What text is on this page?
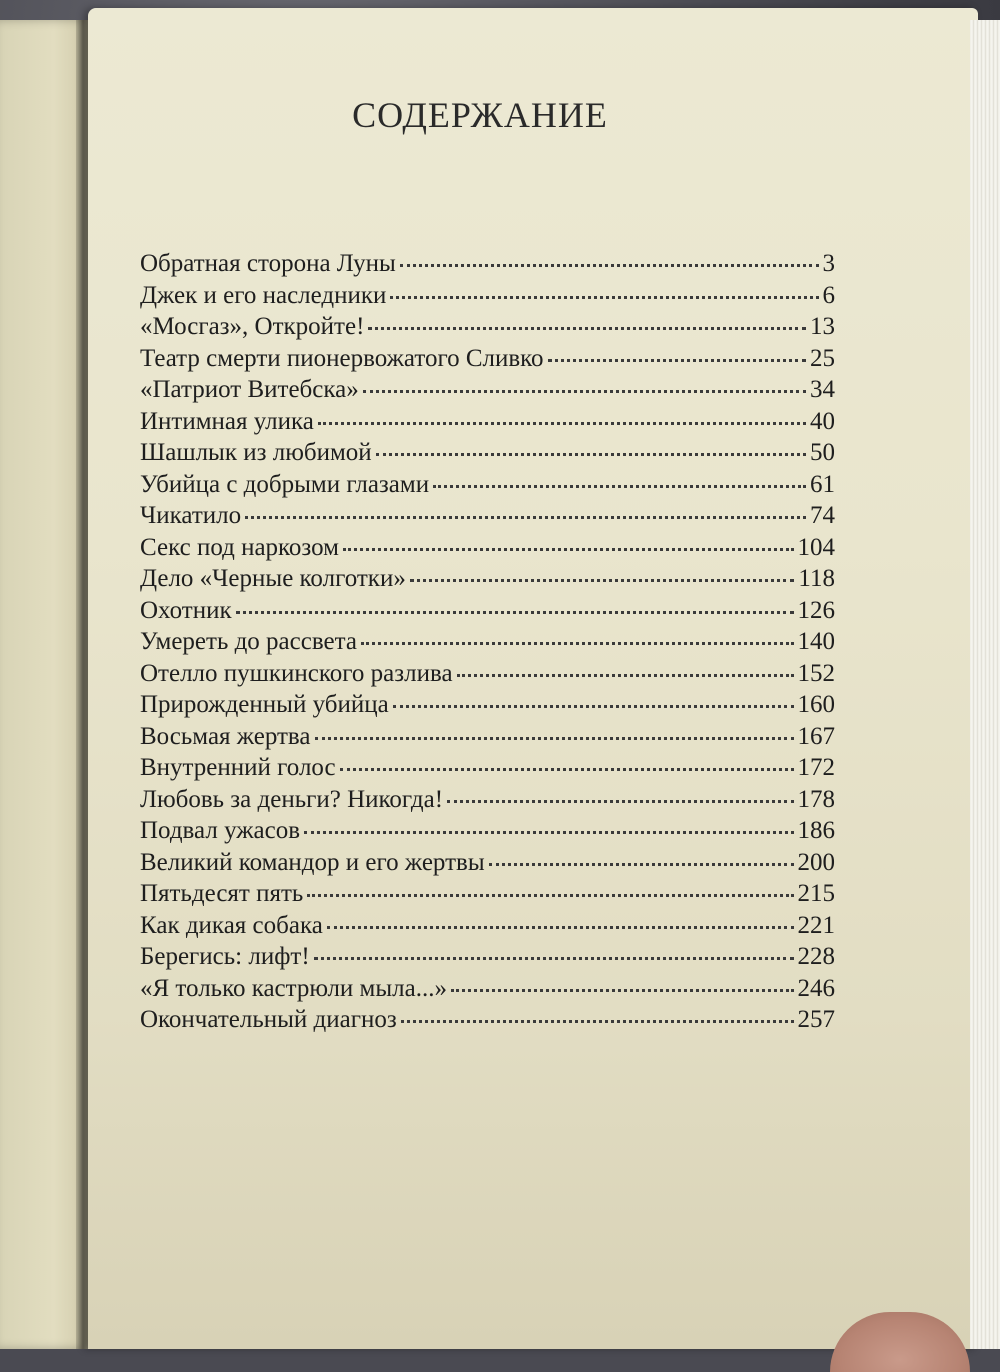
СОДЕРЖАНИЕ
Обратная сторона Луны	3
Джек и его наследники	6
«Мосгаз», Откройте!	13
Театр смерти пионервожатого Сливко	25
«Патриот Витебска»	34
Интимная улика	40
Шашлык из любимой	50
Убийца с добрыми глазами	61
Чикатило	74
Секс под наркозом	104
Дело «Черные колготки»	118
Охотник	126
Умереть до рассвета	140
Отелло пушкинского разлива	152
Прирожденный убийца	160
Восьмая жертва	167
Внутренний голос	172
Любовь за деньги? Никогда!	178
Подвал ужасов	186
Великий командор и его жертвы	200
Пятьдесят пять	215
Как дикая собака	221
Берегись: лифт!	228
«Я только кастрюли мыла...»	246
Окончательный диагноз	257
